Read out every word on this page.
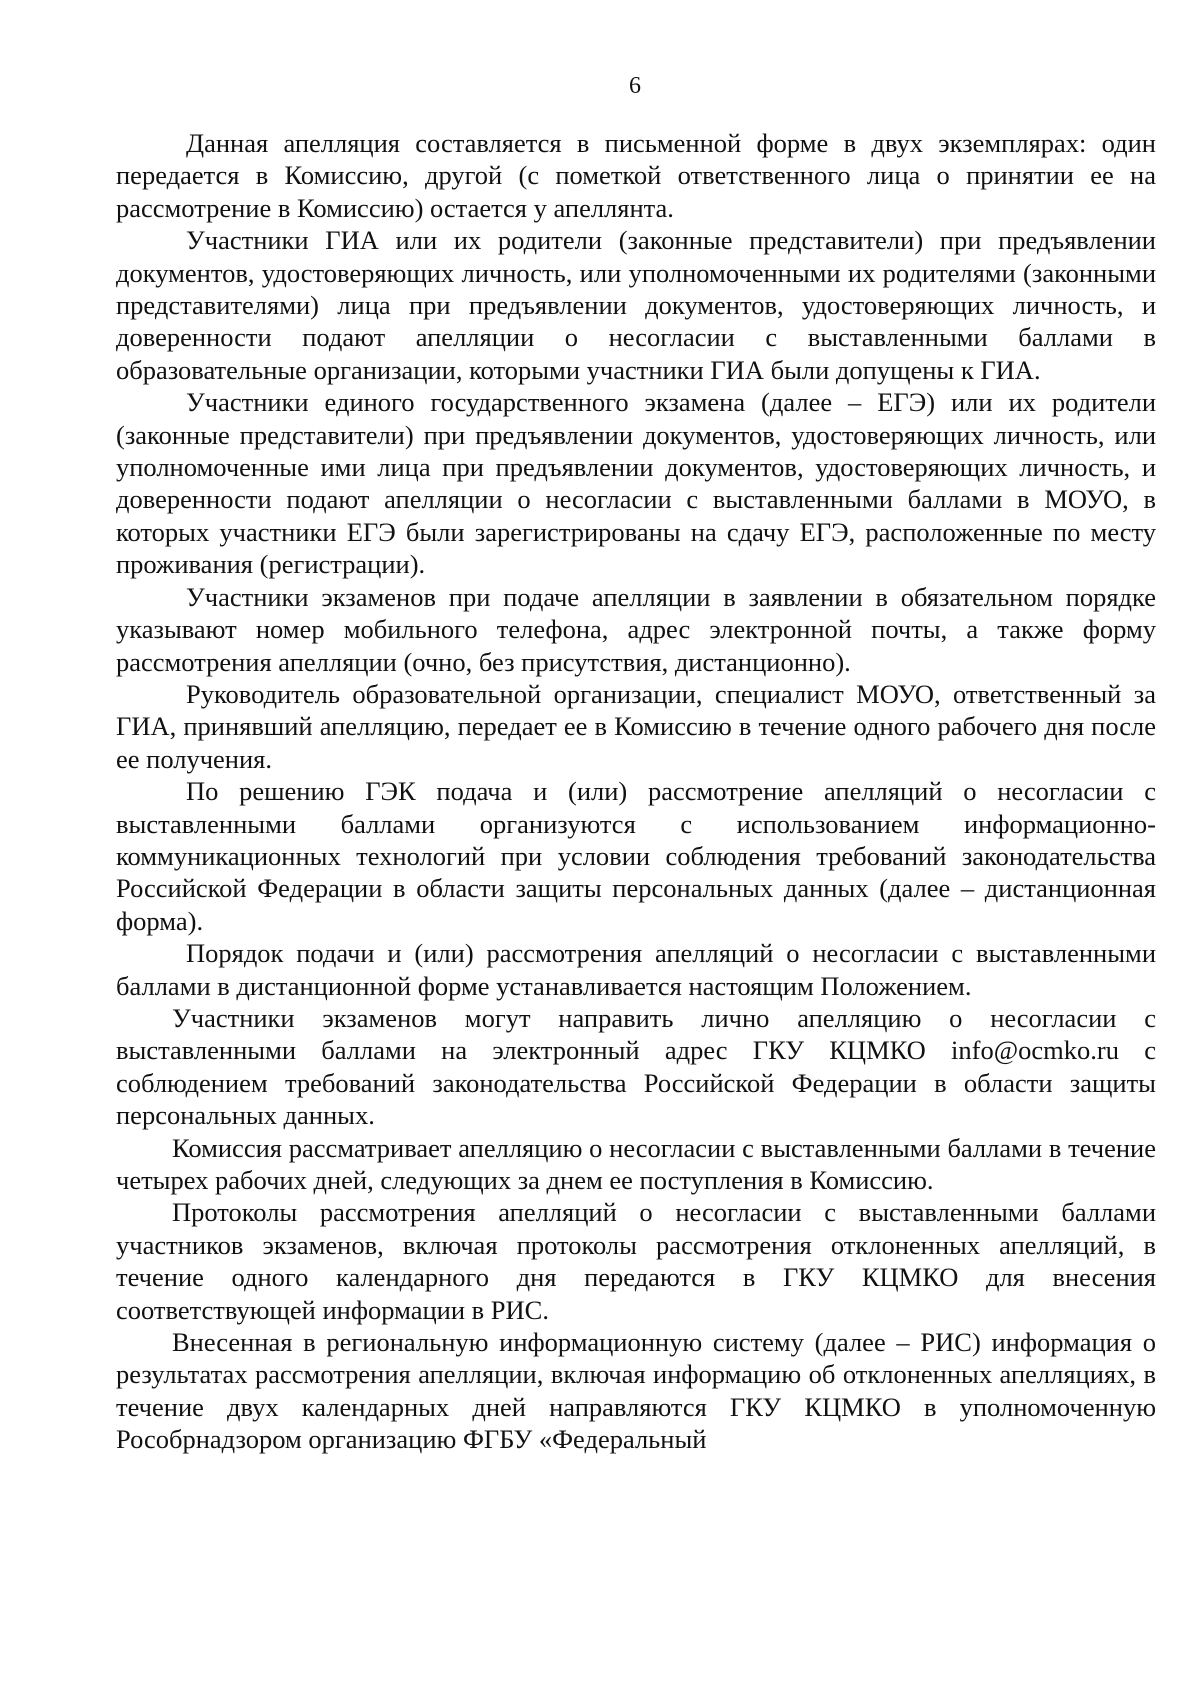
6

Данная апелляция составляется в письменной форме в двух экземплярах: один передается в Комиссию, другой (с пометкой ответственного лица о принятии ее на рассмотрение в Комиссию) остается у апеллянта.

Участники ГИА или их родители (законные представители) при предъявлении документов, удостоверяющих личность, или уполномоченными их родителями (законными представителями) лица при предъявлении документов, удостоверяющих личность, и доверенности подают апелляции о несогласии с выставленными баллами в образовательные организации, которыми участники ГИА были допущены к ГИА.

Участники единого государственного экзамена (далее – ЕГЭ) или их родители (законные представители) при предъявлении документов, удостоверяющих личность, или уполномоченные ими лица при предъявлении документов, удостоверяющих личность, и доверенности подают апелляции о несогласии с выставленными баллами в МОУО, в которых участники ЕГЭ были зарегистрированы на сдачу ЕГЭ, расположенные по месту проживания (регистрации).

Участники экзаменов при подаче апелляции в заявлении в обязательном порядке указывают номер мобильного телефона, адрес электронной почты, а также форму рассмотрения апелляции (очно, без присутствия, дистанционно).

Руководитель образовательной организации, специалист МОУО, ответственный за ГИА, принявший апелляцию, передает ее в Комиссию в течение одного рабочего дня после ее получения.

По решению ГЭК подача и (или) рассмотрение апелляций о несогласии с выставленными баллами организуются с использованием информационно-коммуникационных технологий при условии соблюдения требований законодательства Российской Федерации в области защиты персональных данных (далее – дистанционная форма).

Порядок подачи и (или) рассмотрения апелляций о несогласии с выставленными баллами в дистанционной форме устанавливается настоящим Положением.

Участники экзаменов могут направить лично апелляцию о несогласии с выставленными баллами на электронный адрес ГКУ КЦМКО info@ocmko.ru с соблюдением требований законодательства Российской Федерации в области защиты персональных данных.

Комиссия рассматривает апелляцию о несогласии с выставленными баллами в течение четырех рабочих дней, следующих за днем ее поступления в Комиссию.

Протоколы рассмотрения апелляций о несогласии с выставленными баллами участников экзаменов, включая протоколы рассмотрения отклоненных апелляций, в течение одного календарного дня передаются в ГКУ КЦМКО для внесения соответствующей информации в РИС.

Внесенная в региональную информационную систему (далее – РИС) информация о результатах рассмотрения апелляции, включая информацию об отклоненных апелляциях, в течение двух календарных дней направляются ГКУ КЦМКО в уполномоченную Рособрнадзором организацию ФГБУ «Федеральный
